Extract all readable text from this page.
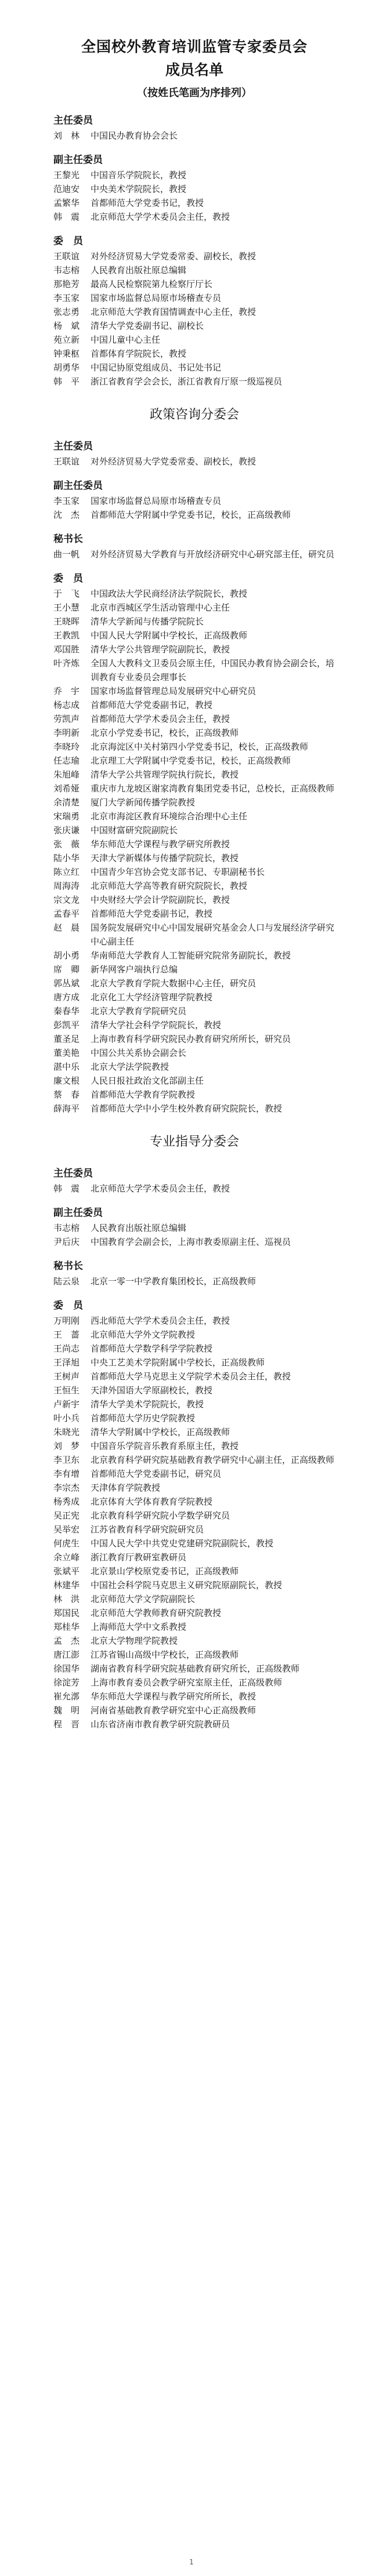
全国校外教育培训监管专家委员会
成员名单
（按姓氏笔画为序排列）
主任委员
刘　林	中国民办教育协会会长
副主任委员
王黎光	中国音乐学院院长，教授
范迪安	中央美术学院院长，教授
孟繁华	首都师范大学党委书记，教授
韩　震	北京师范大学学术委员会主任，教授
委　员
王联谊	对外经济贸易大学党委常委、副校长，教授
韦志榕	人民教育出版社原总编辑
那艳芳	最高人民检察院第九检察厅厅长
李玉家	国家市场监督总局原市场稽查专员
张志勇	北京师范大学教育国情调查中心主任，教授
杨　斌	清华大学党委副书记、副校长
苑立新	中国儿童中心主任
钟秉枢	首都体育学院院长，教授
胡勇华	中国记协原党组成员、书记处书记
韩　平	浙江省教育学会会长，浙江省教育厅原一级巡视员
政策咨询分委会
主任委员
王联谊	对外经济贸易大学党委常委、副校长，教授
副主任委员
李玉家	国家市场监督总局原市场稽查专员
沈　杰	首都师范大学附属中学党委书记，校长，正高级教师
秘书长
曲一帆	对外经济贸易大学教育与开放经济研究中心研究部主任，研究员
委　员
于　飞	中国政法大学民商经济法学院院长，教授
王小慧	北京市西城区学生活动管理中心主任
王晓晖	清华大学新闻与传播学院院长
王教凯	中国人民大学附属中学校长，正高级教师
邓国胜	清华大学公共管理学院副院长，教授
叶齐炼	全国人大教科文卫委员会原主任，中国民办教育协会副会长，培训教育专业委员会理事长
乔　宇	国家市场监督管理总局发展研究中心研究员
杨志成	首都师范大学党委副书记，教授
劳凯声	首都师范大学学术委员会主任，教授
李明新	北京小学党委书记，校长，正高级教师
李晓玲	北京海淀区中关村第四小学党委书记，校长，正高级教师
任志瑜	北京理工大学附属中学党委书记，校长，正高级教师
朱旭峰	清华大学公共管理学院执行院长，教授
刘希娅	重庆市九龙坡区谢家湾教育集团党委书记，总校长，正高级教师
余清楚	厦门大学新闻传播学院教授
宋瑞勇	北京市海淀区教育环境综合治理中心主任
张庆谦	中国财富研究院副院长
张　薇	华东师范大学课程与教学研究所教授
陆小华	天津大学新媒体与传播学院院长，教授
陈立红	中国青少年宫协会党支部书记、专职副秘书长
周海涛	北京师范大学高等教育研究院院长，教授
宗文龙	中央财经大学会计学院副院长，教授
孟春平	首都师范大学党委副书记，教授
赵　晨	国务院发展研究中心中国发展研究基金会人口与发展经济学研究中心副主任
胡小勇	华南师范大学教育人工智能研究院常务副院长，教授
席　卿	新华网客户端执行总编
郭丛斌	北京大学教育学院大数据中心主任，研究员
唐方成	北京化工大学经济管理学院教授
秦春华	北京大学教育学院研究员
彭凯平	清华大学社会科学学院院长，教授
董圣足	上海市教育科学研究院民办教育研究所所长，研究员
董美艳	中国公共关系协会副会长
湛中乐	北京大学法学院教授
廉文根	人民日报社政治文化部副主任
蔡　春	首都师范大学教育学院教授
薛海平	首都师范大学中小学生校外教育研究院院长，教授
专业指导分委会
主任委员
韩　震	北京师范大学学术委员会主任，教授
副主任委员
韦志榕	人民教育出版社原总编辑
尹后庆	中国教育学会副会长，上海市教委原副主任、巡视员
秘书长
陆云泉	北京一零一中学教育集团校长，正高级教师
委　员
万明刚	西北师范大学学术委员会主任，教授
王　蔷	北京师范大学外文学院教授
王尚志	首都师范大学数学科学学院教授
王泽旭	中央工艺美术学院附属中学校长，正高级教师
王树声	首都师范大学马克思主义学院学术委员会主任，教授
王恒生	天津外国语大学原副校长，教授
卢新宇	清华大学美术学院院长，教授
叶小兵	首都师范大学历史学院教授
朱晓光	清华大学附属中学校长，正高级教师
刘　梦	中国音乐学院音乐教育系原主任，教授
李卫东	北京教育科学研究院基础教育教学研究中心副主任，正高级教师
李有增	首都师范大学党委副书记，研究员
李宗杰	天津体育学院教授
杨秀成	北京体育大学体育教育学院教授
吴正宪	北京教育科学研究院小学数学研究员
吴举宏	江苏省教育科学研究院研究员
何虎生	中国人民大学中共党史党建研究院副院长，教授
余立峰	浙江教育厅教研室教研员
张斌平	北京景山学校原党委书记，正高级教师
林建华	中国社会科学院马克思主义研究院原副院长，教授
林　洪	北京师范大学文学院副院长
郑国民	北京师范大学教师教育研究院教授
郑桂华	上海师范大学中文系教授
孟　杰	北京大学物理学院教授
唐江澎	江苏省锡山高级中学校长，正高级教师
徐国华	湖南省教育科学研究院基础教育研究所长，正高级教师
徐淀芳	上海市教育委员会教学研究室原主任，正高级教师
崔允漷	华东师范大学课程与教学研究所所长，教授
魏　明	河南省基础教育教学研究室中心正高级教师
程　晋	山东省济南市教育教学研究院教研员
1
